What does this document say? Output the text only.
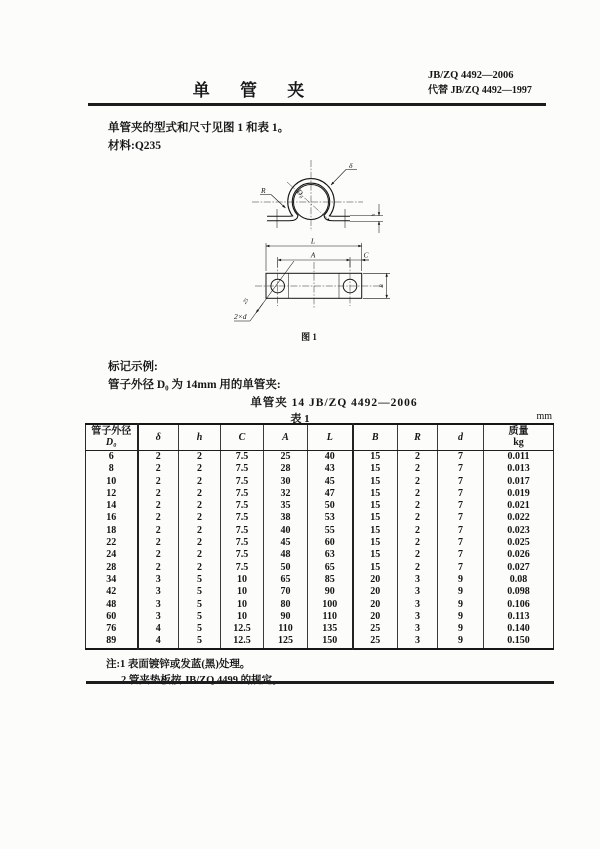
单 管 夹
JB/ZQ 4492—2006
代替 JB/ZQ 4492—1997
单管夹的型式和尺寸见图 1 和表 1。
材料:Q235
δ
R	D₀
h
L
A	C
B
2×d
25
图 1
标记示例:
管子外径 D₀ 为 14mm 用的单管夹:
单管夹 14 JB/ZQ 4492—2006
表 1	mm
管子外径
D₀	δ	h	C	A	L	B	R	d	质量
kg

6	2	2	7.5	25	40	15	2	7	0.011
8	2	2	7.5	28	43	15	2	7	0.013
10	2	2	7.5	30	45	15	2	7	0.017
12	2	2	7.5	32	47	15	2	7	0.019
14	2	2	7.5	35	50	15	2	7	0.021
16	2	2	7.5	38	53	15	2	7	0.022
18	2	2	7.5	40	55	15	2	7	0.023
22	2	2	7.5	45	60	15	2	7	0.025
24	2	2	7.5	48	63	15	2	7	0.026
28	2	2	7.5	50	65	15	2	7	0.027
34	3	5	10	65	85	20	3	9	0.08
42	3	5	10	70	90	20	3	9	0.098
48	3	5	10	80	100	20	3	9	0.106
60	3	5	10	90	110	20	3	9	0.113
76	4	5	12.5	110	135	25	3	9	0.140
89	4	5	12.5	125	150	25	3	9	0.150
注:1 表面镀锌或发蓝(黑)处理。
